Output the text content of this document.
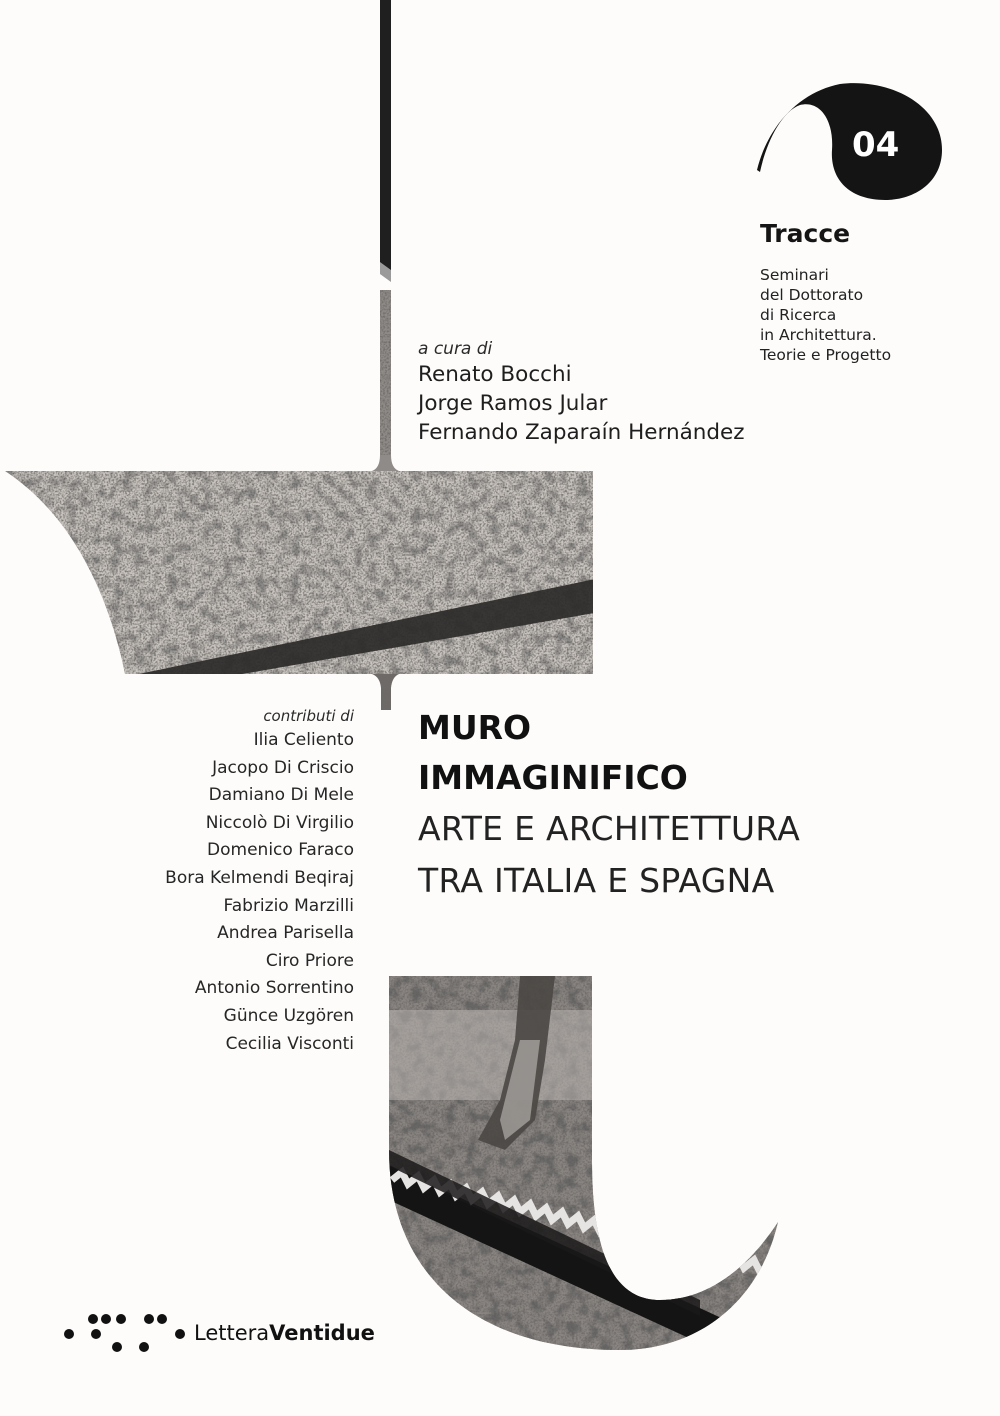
04
Tracce
Seminari
del Dottorato
di Ricerca
in Architettura.
Teorie e Progetto
a cura di
Renato Bocchi
Jorge Ramos Jular
Fernando Zaparaín Hernández
MURO
IMMAGINIFICO
ARTE E ARCHITETTURA
TRA ITALIA E SPAGNA
contributi di
Ilia Celiento
Jacopo Di Criscio
Damiano Di Mele
Niccolò Di Virgilio
Domenico Faraco
Bora Kelmendi Beqiraj
Fabrizio Marzilli
Andrea Parisella
Ciro Priore
Antonio Sorrentino
Günce Uzgören
Cecilia Visconti
LetteraVentidue
